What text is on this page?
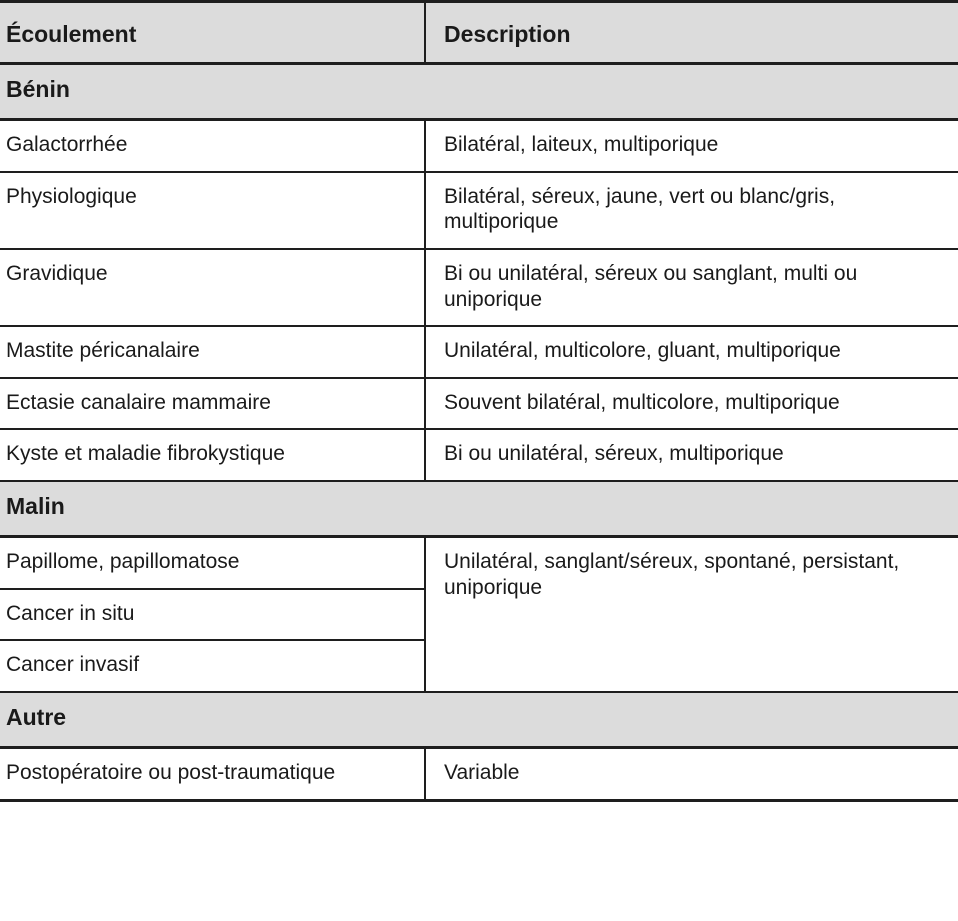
Écoulement	Description

Bénin	

Galactorrhée	Bilatéral, laiteux, multiporique

Physiologique	Bilatéral, séreux, jaune, vert ou blanc/gris, multiporique

Gravidique	Bi ou unilatéral, séreux ou sanglant, multi ou uniporique

Mastite péricanalaire	Unilatéral, multicolore, gluant, multiporique

Ectasie canalaire mammaire	Souvent bilatéral, multicolore, multiporique

Kyste et maladie fibrokystique	Bi ou unilatéral, séreux, multiporique

Malin	

Papillome, papillomatose	Unilatéral, sanglant/séreux, spontané, persistant, uniporique

Cancer in situ	

Cancer invasif	

Autre	

Postopératoire ou post-traumatique	Variable
